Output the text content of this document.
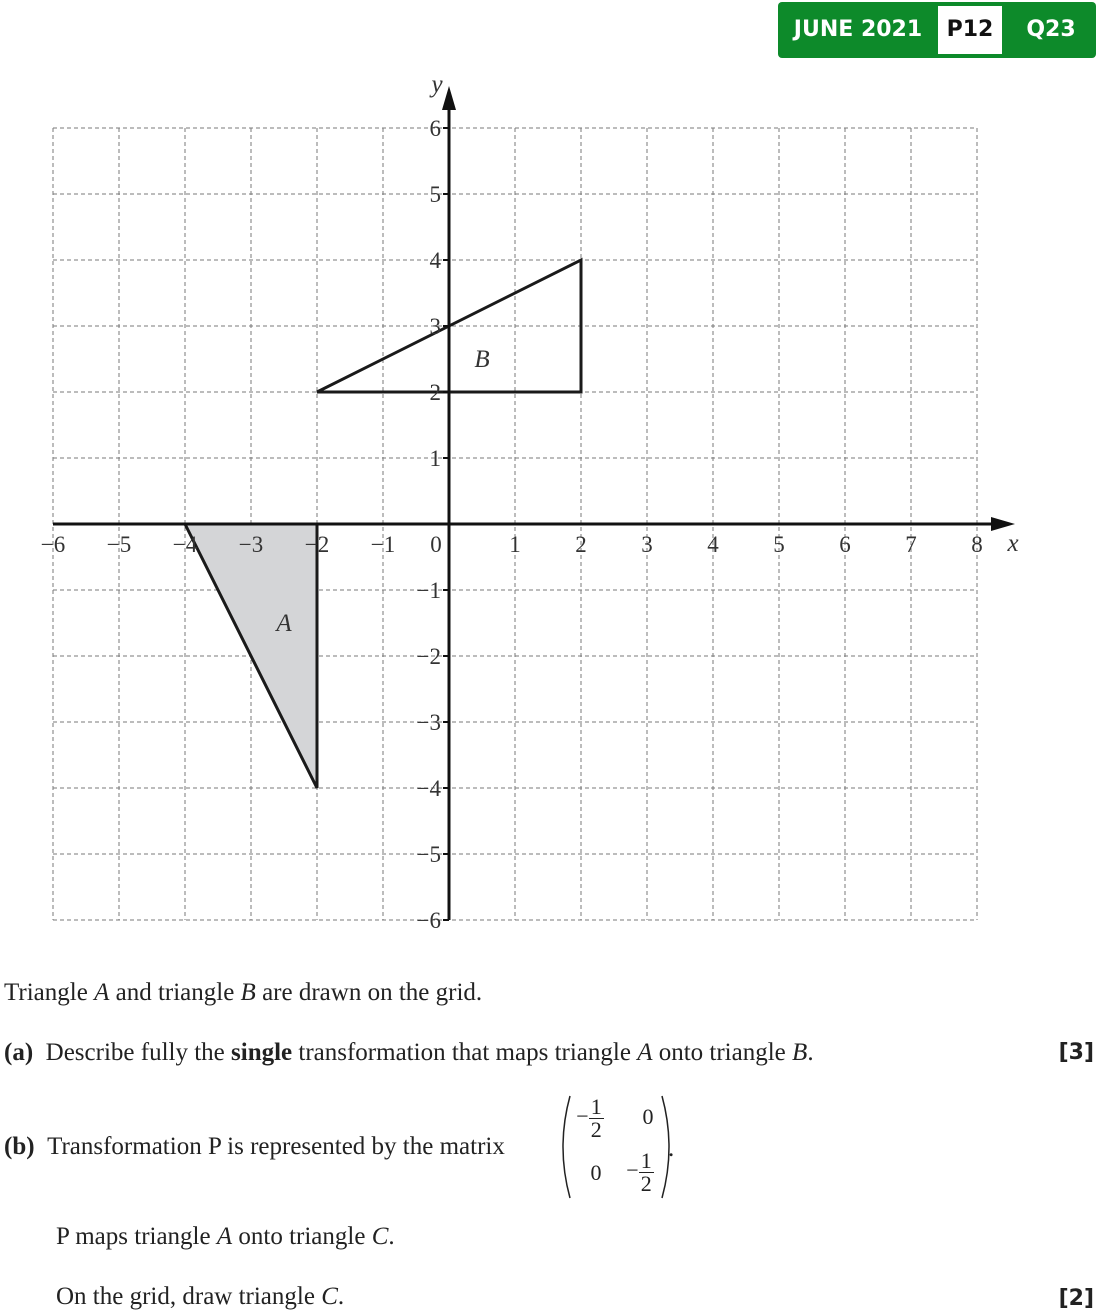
JUNE 2021	P12	Q23
−6 −5 −4 −3 −2 −1 0	1 2 3 4 5 6 7 8
1
2
3
4
5
6
−1
−2
−3
−4
−5
−6
x
y
A
B
Triangle A and triangle B are drawn on the grid.
(a) Describe fully the single transformation that maps triangle A onto triangle B.	[3]
(b) Transformation P is represented by the matrix
− $\frac{1}{2} 0$
0	− $\frac{1}{2}$
.
P maps triangle A onto triangle C.
On the grid, draw triangle C.	[2]
